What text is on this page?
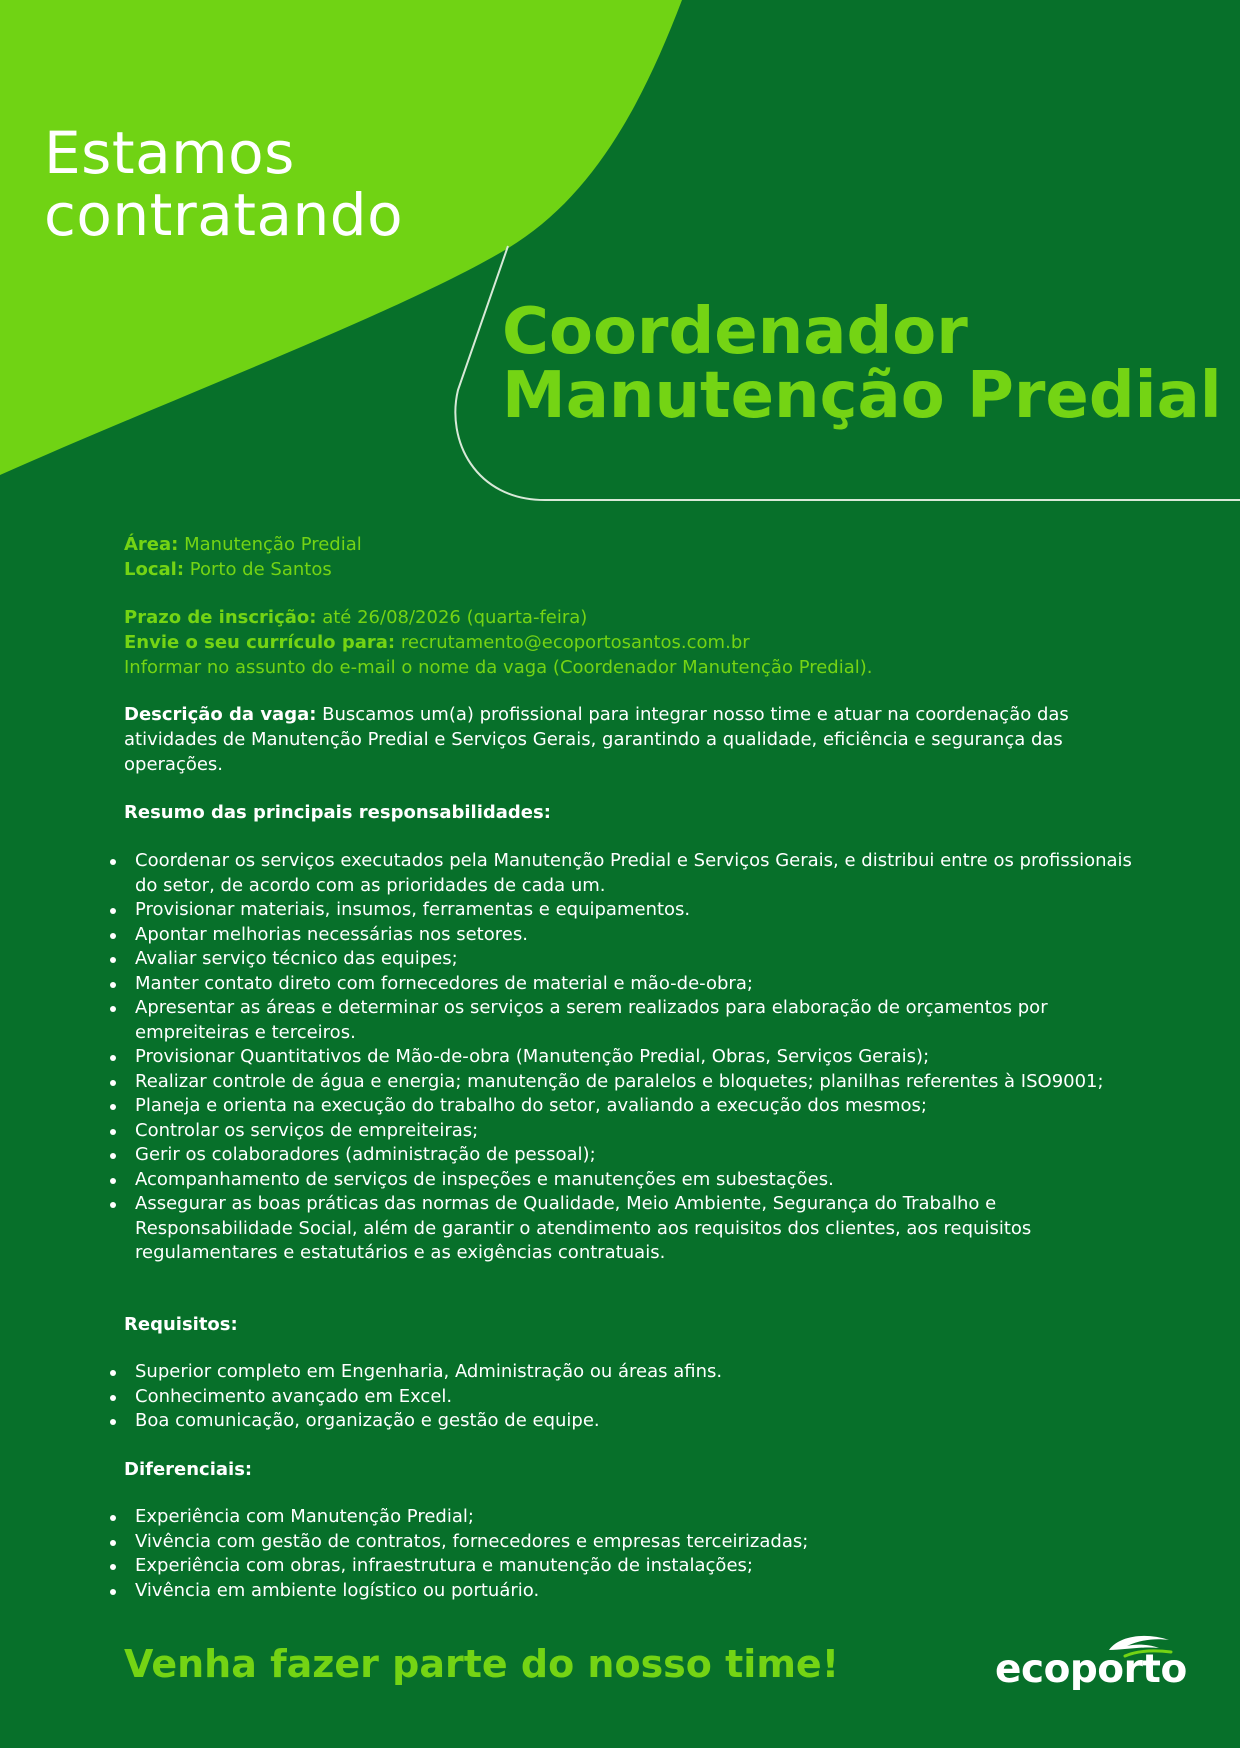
Estamos
contratando
Coordenador
Manutenção Predial
Área: Manutenção Predial
Local: Porto de Santos
Prazo de inscrição: até 26/08/2026 (quarta-feira)
Envie o seu currículo para: recrutamento@ecoportosantos.com.br
Informar no assunto do e-mail o nome da vaga (Coordenador Manutenção Predial).
Descrição da vaga: Buscamos um(a) profissional para integrar nosso time e atuar na coordenação das atividades de Manutenção Predial e Serviços Gerais, garantindo a qualidade, eficiência e segurança das operações.
Resumo das principais responsabilidades:
Coordenar os serviços executados pela Manutenção Predial e Serviços Gerais, e distribui entre os profissionais do setor, de acordo com as prioridades de cada um.
Provisionar materiais, insumos, ferramentas e equipamentos.
Apontar melhorias necessárias nos setores.
Avaliar serviço técnico das equipes;
Manter contato direto com fornecedores de material e mão-de-obra;
Apresentar as áreas e determinar os serviços a serem realizados para elaboração de orçamentos por empreiteiras e terceiros.
Provisionar Quantitativos de Mão-de-obra (Manutenção Predial, Obras, Serviços Gerais);
Realizar controle de água e energia; manutenção de paralelos e bloquetes; planilhas referentes à ISO9001;
Planeja e orienta na execução do trabalho do setor, avaliando a execução dos mesmos;
Controlar os serviços de empreiteiras;
Gerir os colaboradores (administração de pessoal);
Acompanhamento de serviços de inspeções e manutenções em subestações.
Assegurar as boas práticas das normas de Qualidade, Meio Ambiente, Segurança do Trabalho e Responsabilidade Social, além de garantir o atendimento aos requisitos dos clientes, aos requisitos regulamentares e estatutários e as exigências contratuais.
Requisitos:
Superior completo em Engenharia, Administração ou áreas afins.
Conhecimento avançado em Excel.
Boa comunicação, organização e gestão de equipe.
Diferenciais:
Experiência com Manutenção Predial;
Vivência com gestão de contratos, fornecedores e empresas terceirizadas;
Experiência com obras, infraestrutura e manutenção de instalações;
Vivência em ambiente logístico ou portuário.
Venha fazer parte do nosso time!	ecoporto
